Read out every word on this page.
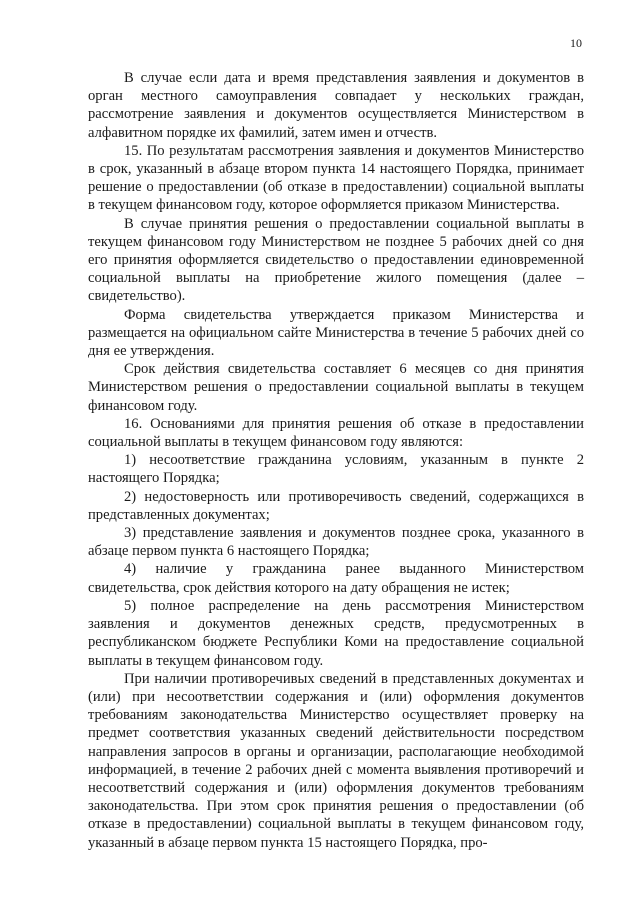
10

В случае если дата и время представления заявления и документов в орган местного самоуправления совпадает у нескольких граждан, рассмотрение заявления и документов осуществляется Министерством в алфавитном порядке их фамилий, затем имен и отчеств.

15. По результатам рассмотрения заявления и документов Министерство в срок, указанный в абзаце втором пункта 14 настоящего Порядка, принимает решение о предоставлении (об отказе в предоставлении) социальной выплаты в текущем финансовом году, которое оформляется приказом Министерства.

В случае принятия решения о предоставлении социальной выплаты в текущем финансовом году Министерством не позднее 5 рабочих дней со дня его принятия оформляется свидетельство о предоставлении единовременной социальной выплаты на приобретение жилого помещения (далее – свидетельство).

Форма свидетельства утверждается приказом Министерства и размещается на официальном сайте Министерства в течение 5 рабочих дней со дня ее утверждения.

Срок действия свидетельства составляет 6 месяцев со дня принятия Министерством решения о предоставлении социальной выплаты в текущем финансовом году.

16. Основаниями для принятия решения об отказе в предоставлении социальной выплаты в текущем финансовом году являются:

1) несоответствие гражданина условиям, указанным в пункте 2 настоящего Порядка;

2) недостоверность или противоречивость сведений, содержащихся в представленных документах;

3) представление заявления и документов позднее срока, указанного в абзаце первом пункта 6 настоящего Порядка;

4) наличие у гражданина ранее выданного Министерством свидетельства, срок действия которого на дату обращения не истек;

5) полное распределение на день рассмотрения Министерством заявления и документов денежных средств, предусмотренных в республиканском бюджете Республики Коми на предоставление социальной выплаты в текущем финансовом году.

При наличии противоречивых сведений в представленных документах и (или) при несоответствии содержания и (или) оформления документов требованиям законодательства Министерство осуществляет проверку на предмет соответствия указанных сведений действительности посредством направления запросов в органы и организации, располагающие необходимой информацией, в течение 2 рабочих дней с момента выявления противоречий и несоответствий содержания и (или) оформления документов требованиям законодательства. При этом срок принятия решения о предоставлении (об отказе в предоставлении) социальной выплаты в текущем финансовом году, указанный в абзаце первом пункта 15 настоящего Порядка, про-
